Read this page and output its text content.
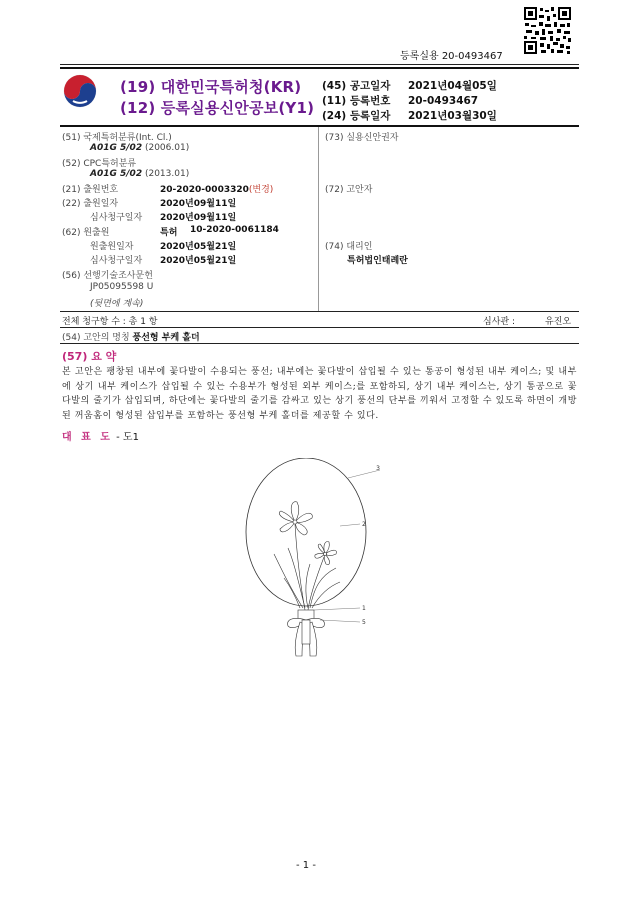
등록실용 20-0493467
(19) 대한민국특허청(KR)
(12) 등록실용신안공보(Y1)
(45) 공고일자 2021년04월05일
(11) 등록번호 20-0493467
(24) 등록일자 2021년03월30일
(51) 국제특허분류(Int. Cl.)
A01G 5/02 (2006.01)
(52) CPC특허분류
A01G 5/02 (2013.01)
(21) 출원번호	20-2020-0003320(변경)
(22) 출원일자	2020년09월11일
심사청구일자 2020년09월11일
(62) 원출원	특허 10-2020-0061184
원출원일자	2020년05월21일
심사청구일자 2020년05월21일
(56) 선행기술조사문헌
JP05095598 U
(뒷면에 계속)
(73) 실용신안권자
(72) 고안자
(74) 대리인
특허법인태례란
전체 청구항 수 : 총 1 항	심사관 :	유진오
(54) 고안의 명칭 풍선형 부케 홀더
(57) 요 약
본 고안은 팽창된 내부에 꽃다발이 수용되는 풍선; 내부에는 꽃다발이 삽입될 수 있는 통공이 형성된 내부 케이스; 및 내부에 상기 내부 케이스가 삽입될 수 있는 수용부가 형성된 외부 케이스;를 포함하되, 상기 내부 케이스는, 상기 통공으로 꽃다발의 줄기가 삽입되며, 하단에는 꽃다발의 줄기를 감싸고 있는 상기 풍선의 단부를 끼워서 고정할 수 있도록 하면이 개방된 꺼움홈이 형성된 삽입부를 포함하는 풍선형 부케 홀더를 제공할 수 있다.
대 표 도 - 도1
3
2
1
5
- 1 -
